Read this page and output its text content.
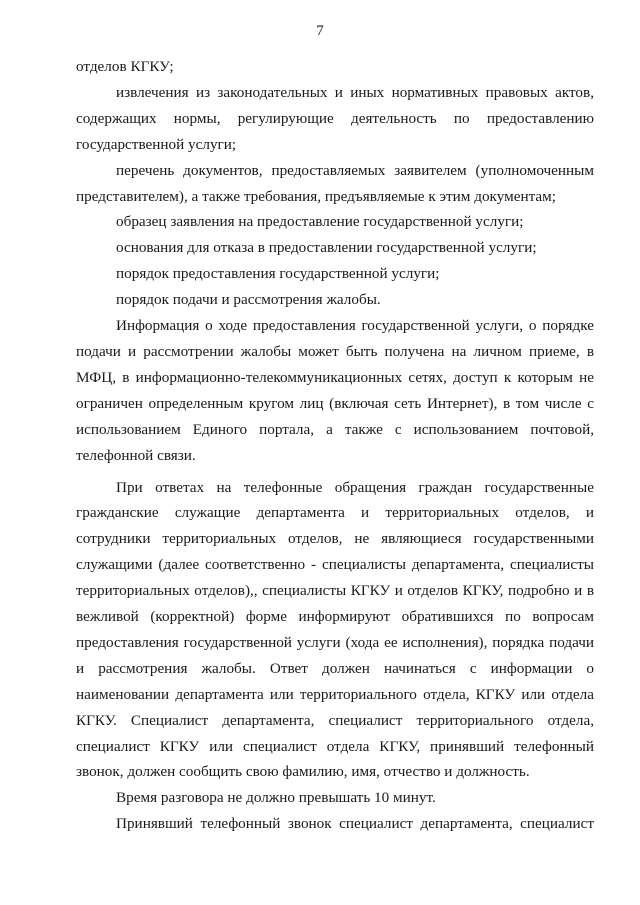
7
отделов КГКУ;
извлечения из законодательных и иных нормативных правовых актов,
содержащих нормы, регулирующие деятельность по предоставлению
государственной услуги;
перечень документов, предоставляемых заявителем (уполномоченным
представителем), а также требования, предъявляемые к этим документам;
образец заявления на предоставление государственной услуги;
основания для отказа в предоставлении государственной услуги;
порядок предоставления государственной услуги;
порядок подачи и рассмотрения жалобы.
Информация о ходе предоставления государственной услуги, о порядке
подачи и рассмотрении жалобы может быть получена на личном приеме, в
МФЦ, в информационно-телекоммуникационных сетях, доступ к которым не
ограничен определенным кругом лиц (включая сеть Интернет), в том числе с
использованием Единого портала, а также с использованием почтовой,
телефонной связи.
При ответах на телефонные обращения граждан государственные
гражданские служащие департамента и территориальных отделов, и
сотрудники территориальных отделов, не являющиеся государственными
служащими (далее соответственно - специалисты департамента, специалисты
территориальных отделов),, специалисты КГКУ и отделов КГКУ, подробно и в
вежливой (корректной) форме информируют обратившихся по вопросам
предоставления государственной услуги (хода ее исполнения), порядка подачи
и рассмотрения жалобы. Ответ должен начинаться с информации о
наименовании департамента или территориального отдела, КГКУ или отдела
КГКУ. Специалист департамента, специалист территориального отдела,
специалист КГКУ или специалист отдела КГКУ, принявший телефонный
звонок, должен сообщить свою фамилию, имя, отчество и должность.
Время разговора не должно превышать 10 минут.
Принявший телефонный звонок специалист департамента, специалист
